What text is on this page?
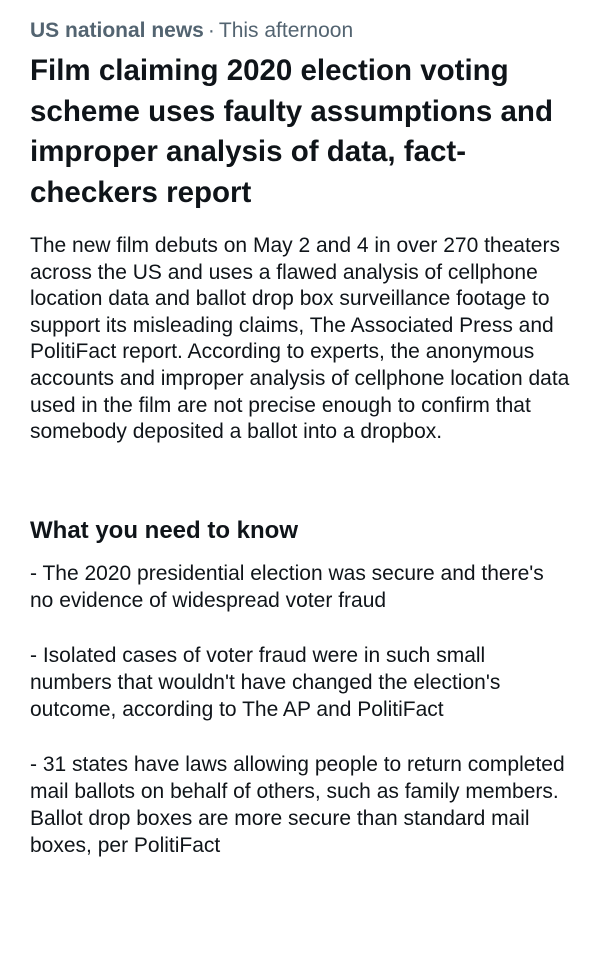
US national news · This afternoon
Film claiming 2020 election voting scheme uses faulty assumptions and improper analysis of data, fact-checkers report

The new film debuts on May 2 and 4 in over 270 theaters across the US and uses a flawed analysis of cellphone location data and ballot drop box surveillance footage to support its misleading claims, The Associated Press and PolitiFact report. According to experts, the anonymous accounts and improper analysis of cellphone location data used in the film are not precise enough to confirm that somebody deposited a ballot into a dropbox.

What you need to know
- The 2020 presidential election was secure and there's no evidence of widespread voter fraud
- Isolated cases of voter fraud were in such small numbers that wouldn't have changed the election's outcome, according to The AP and PolitiFact
- 31 states have laws allowing people to return completed mail ballots on behalf of others, such as family members. Ballot drop boxes are more secure than standard mail boxes, per PolitiFact
